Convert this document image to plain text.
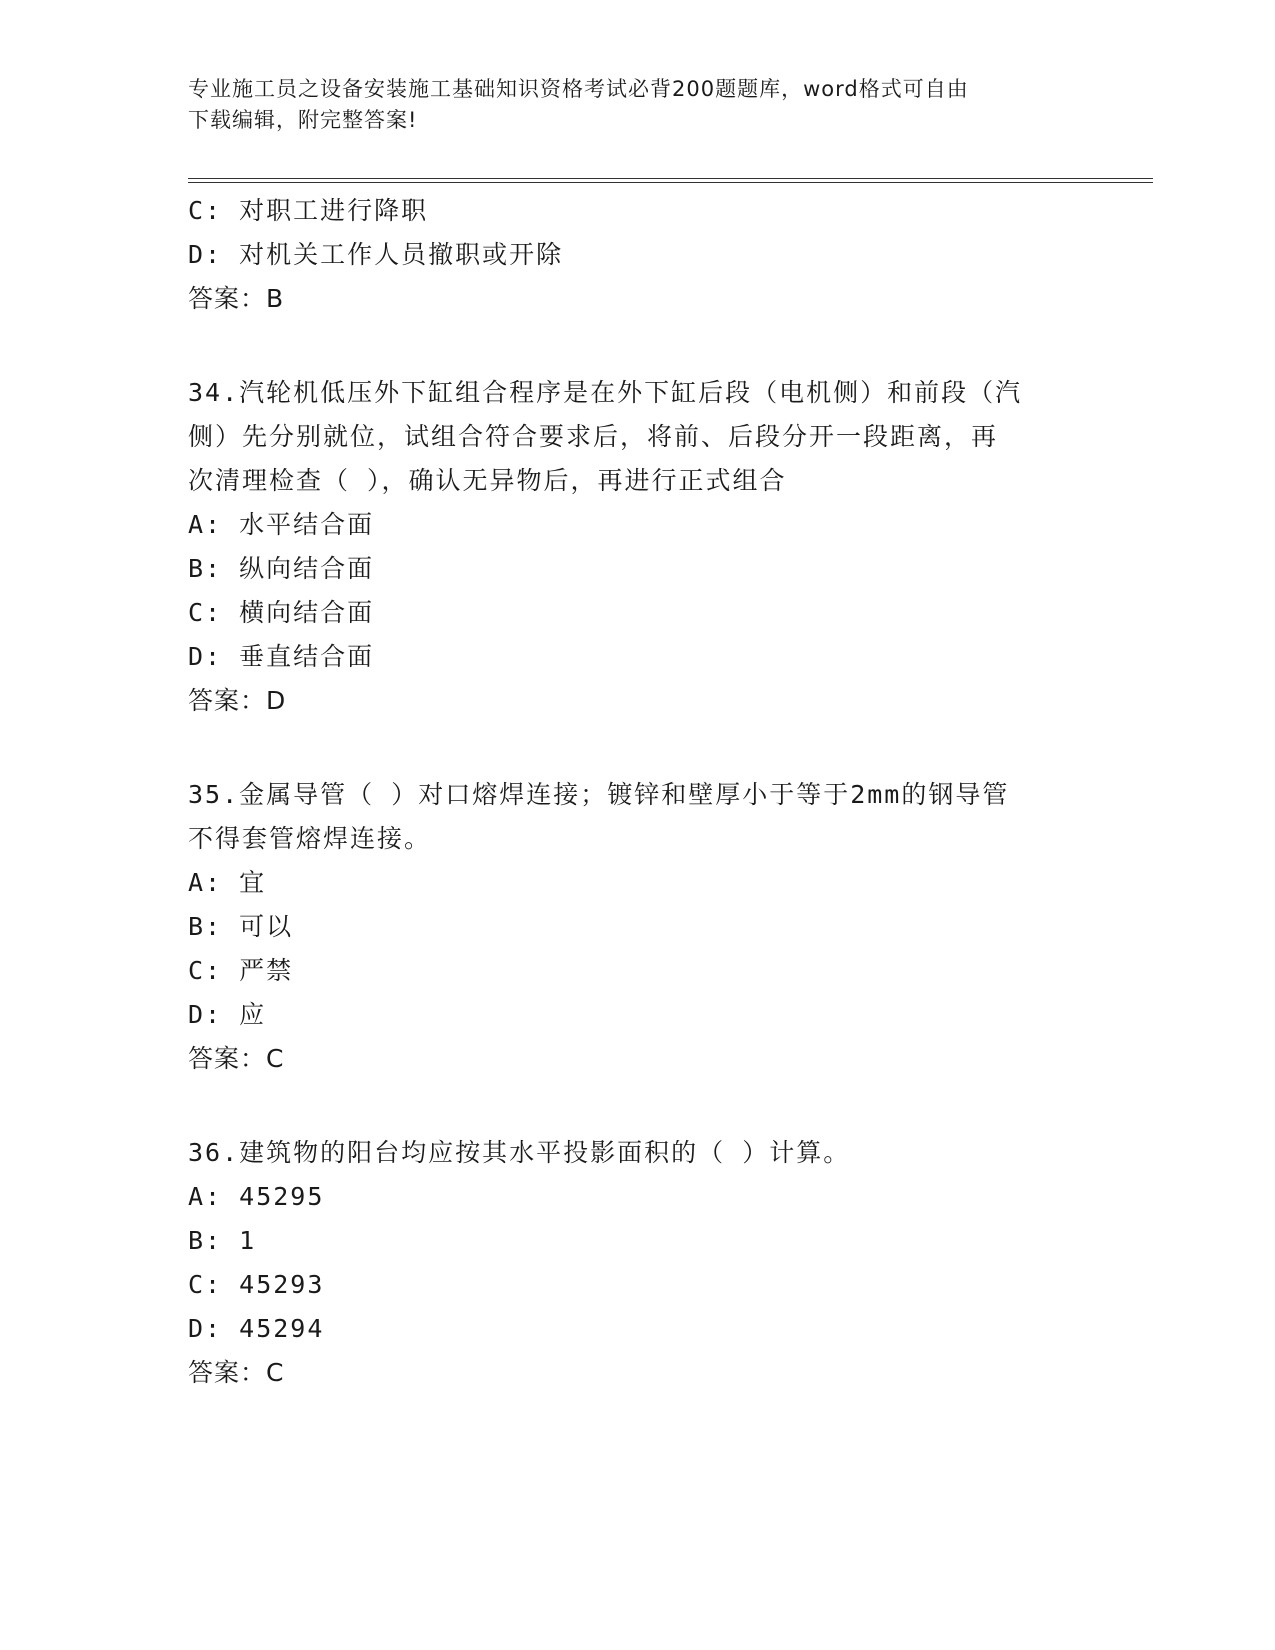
专业施工员之设备安装施工基础知识资格考试必背200题题库，word格式可自由
下载编辑，附完整答案!
C: 对职工进行降职
D: 对机关工作人员撤职或开除
答案：B
34.汽轮机低压外下缸组合程序是在外下缸后段（电机侧）和前段（汽
侧）先分别就位，试组合符合要求后，将前、后段分开一段距离，再
次清理检查（ ），确认无异物后，再进行正式组合
A: 水平结合面
B: 纵向结合面
C: 横向结合面
D: 垂直结合面
答案：D
35.金属导管（ ）对口熔焊连接；镀锌和壁厚小于等于2mm的钢导管
不得套管熔焊连接。
A: 宜
B: 可以
C: 严禁
D: 应
答案：C
36.建筑物的阳台均应按其水平投影面积的（ ）计算。
A: 45295
B: 1
C: 45293
D: 45294
答案：C
